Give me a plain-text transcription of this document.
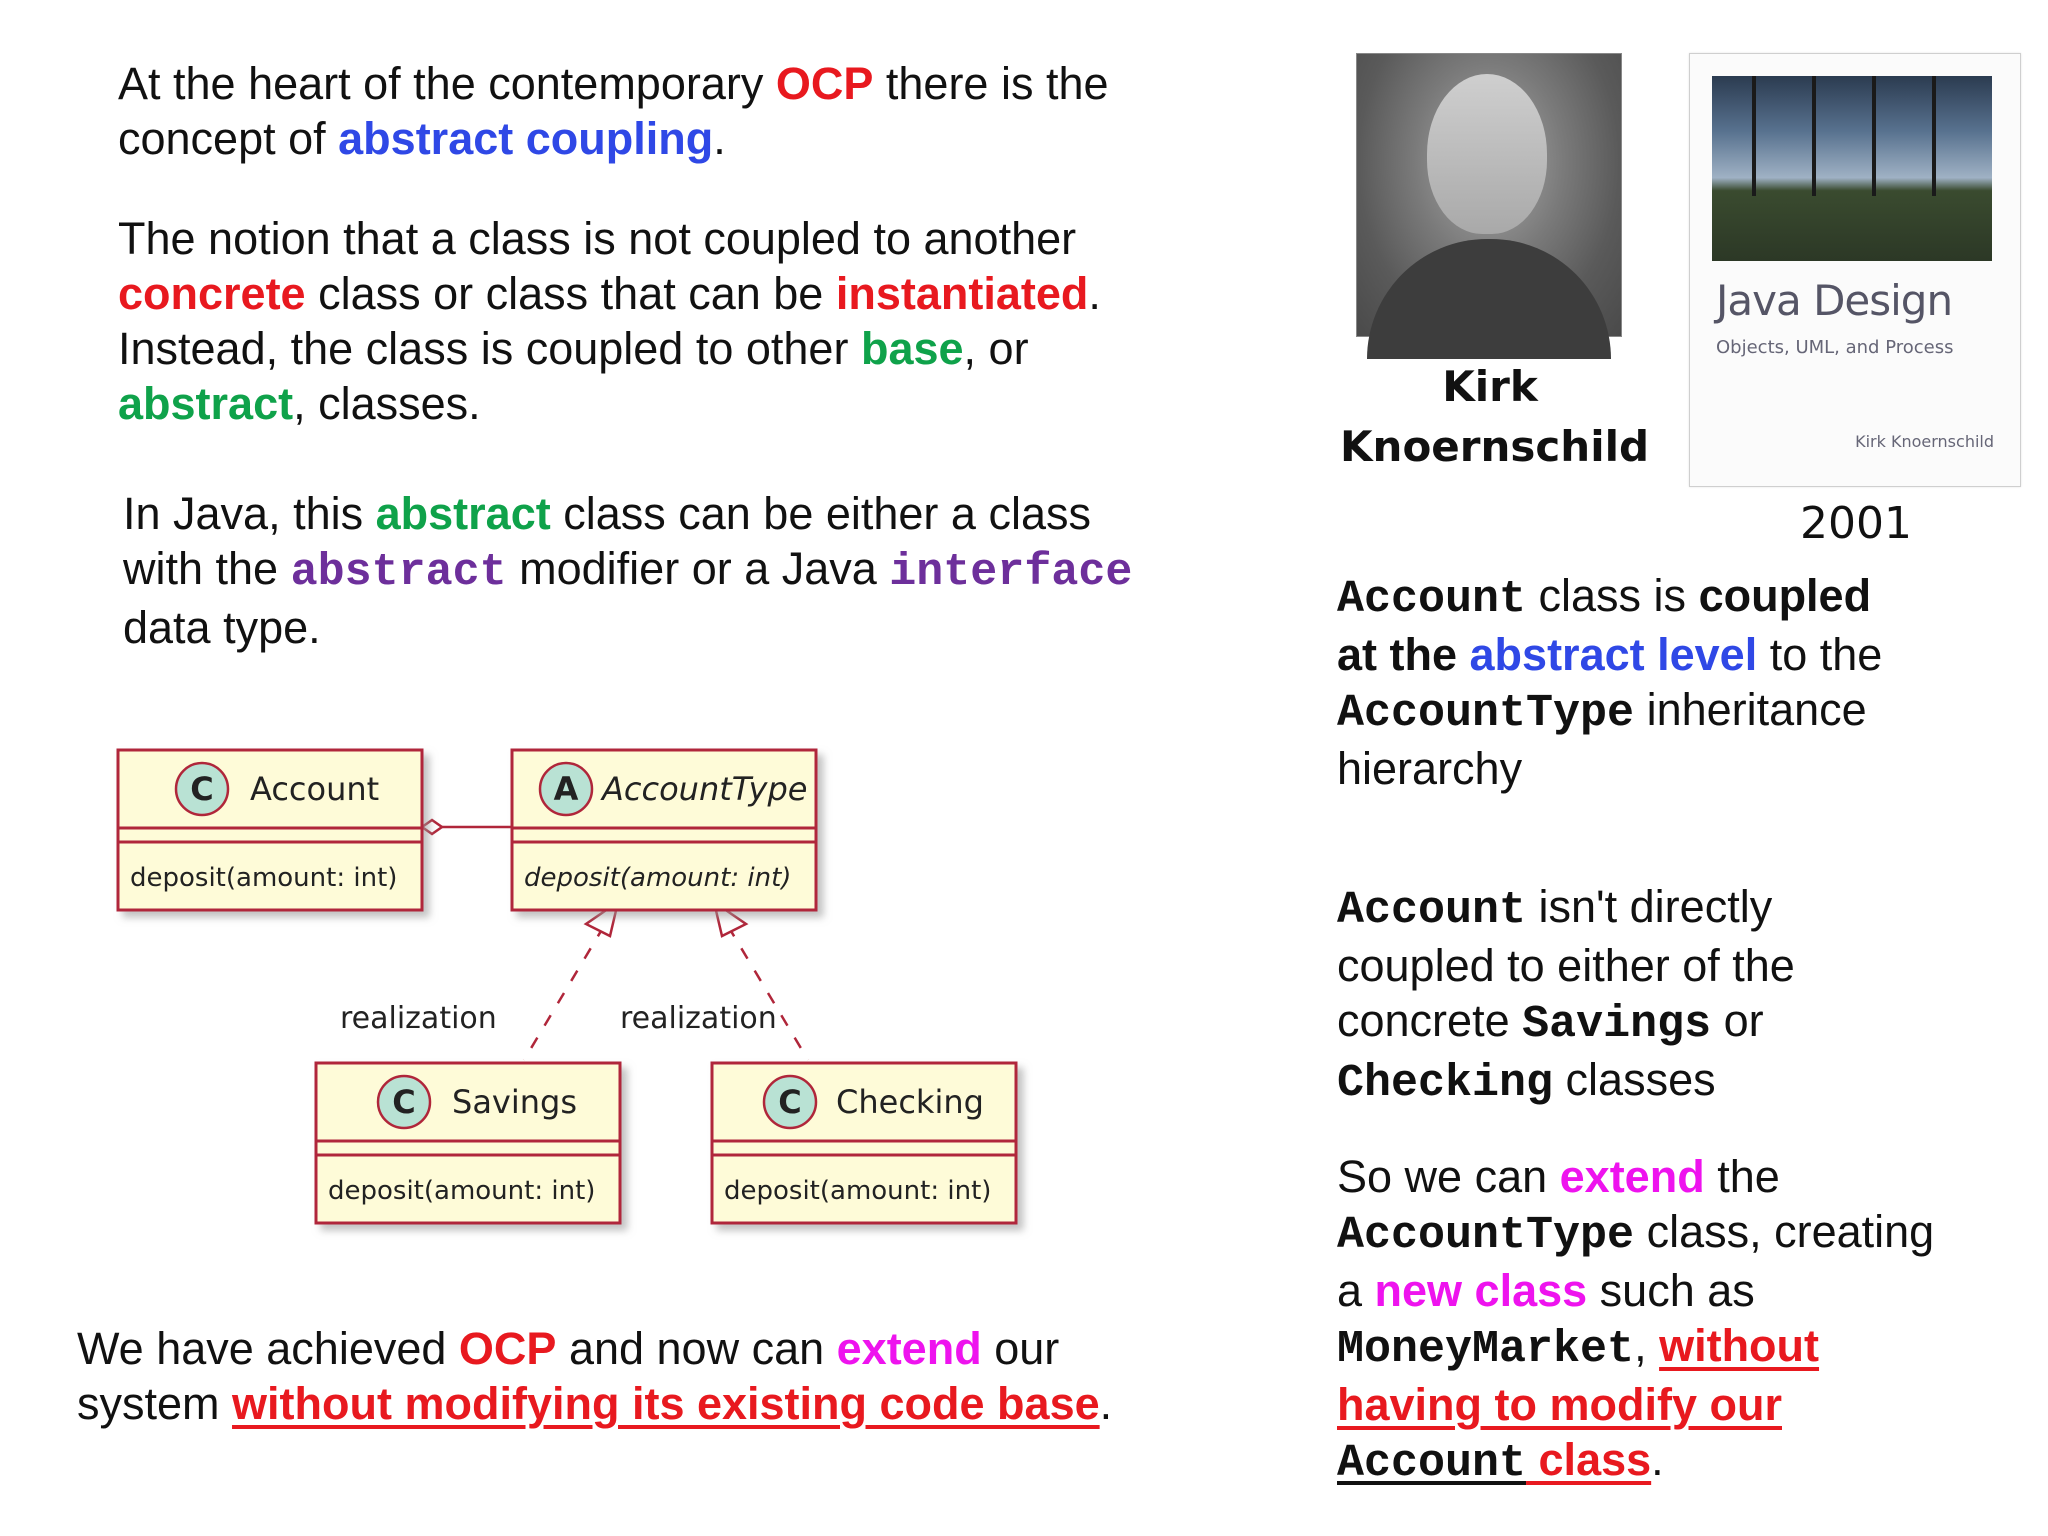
At the heart of the contemporary OCP there is the
concept of abstract coupling.
The notion that a class is not coupled to another concrete class or class that can be instantiated. Instead, the class is coupled to other base, or abstract, classes.
In Java, this abstract class can be either a class with the abstract modifier or a Java interface data type.
realization	realization
C Account
deposit(amount: int)
A AccountType
deposit(amount: int)
C Savings
deposit(amount: int)
C Checking
deposit(amount: int)
We have achieved OCP and now can extend our system without modifying its existing code base.
Kirk
Knoernschild
Java Design
Objects, UML, and Process
Kirk Knoernschild
2001
Account class is coupled at the abstract level to the AccountType inheritance hierarchy
Account isn't directly coupled to either of the concrete Savings or Checking classes
So we can extend the AccountType class, creating a new class such as MoneyMarket, without having to modify our Account class.
